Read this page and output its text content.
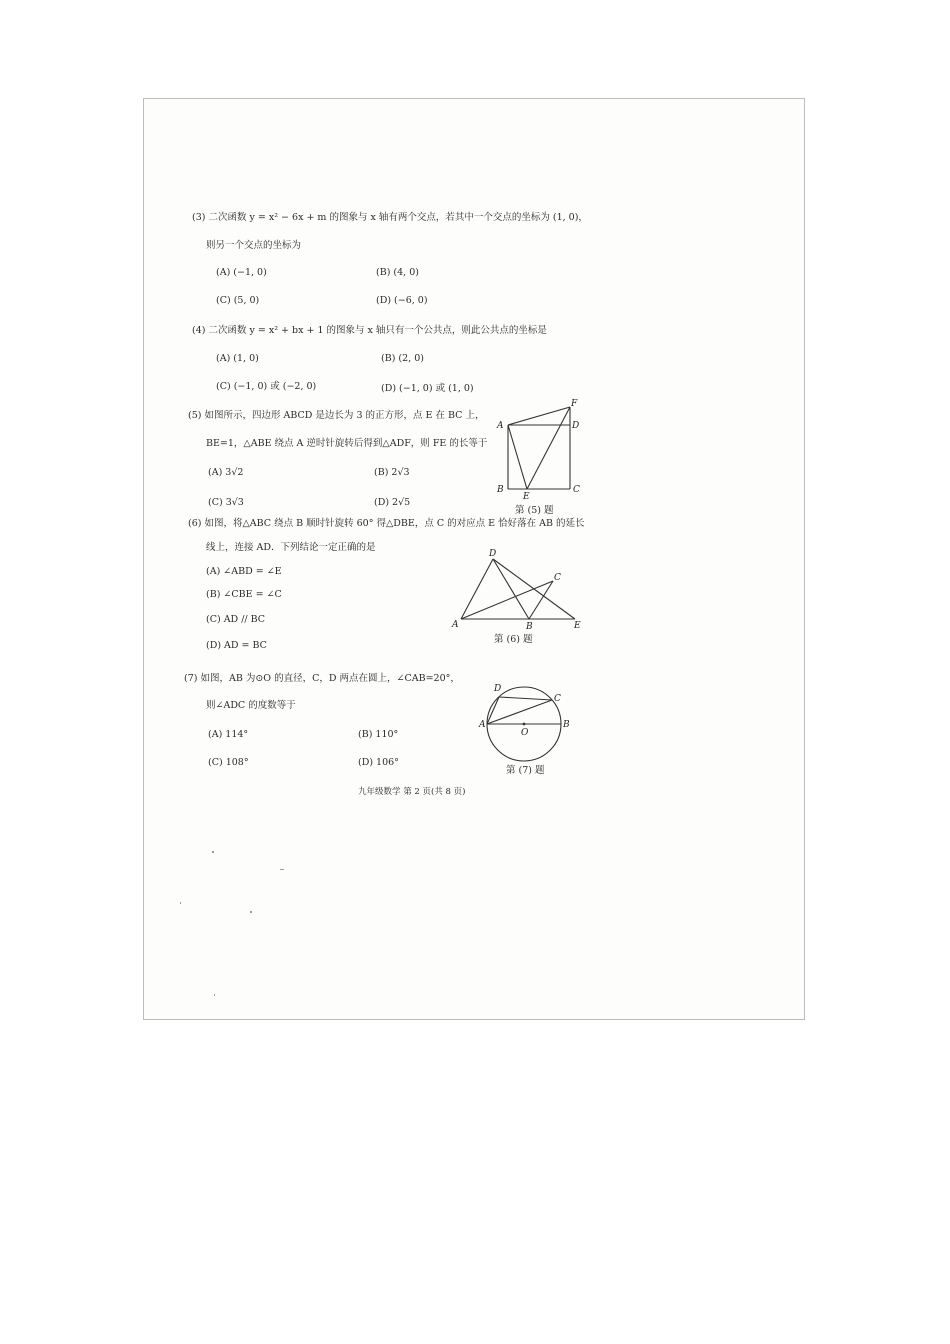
(3) 二次函数 y = x² − 6x + m 的图象与 x 轴有两个交点，若其中一个交点的坐标为 (1, 0)，
则另一个交点的坐标为
(A) (−1, 0)	(B) (4, 0)
(C) (5, 0)	(D) (−6, 0)
(4) 二次函数 y = x² + bx + 1 的图象与 x 轴只有一个公共点，则此公共点的坐标是
(A) (1, 0)	(B) (2, 0)
(C) (−1, 0) 或 (−2, 0)	(D) (−1, 0) 或 (1, 0)
(5) 如图所示，四边形 ABCD 是边长为 3 的正方形，点 E 在 BC 上，
BE=1，△ABE 绕点 A 逆时针旋转后得到△ADF，则 FE 的长等于
(A) 3√2	(B) 2√3
(C) 3√3	(D) 2√5
F
A	D
B
E
C
第 (5) 题
(6) 如图，将△ABC 绕点 B 顺时针旋转 60° 得△DBE，点 C 的对应点 E 恰好落在 AB 的延长
线上，连接 AD．下列结论一定正确的是
(A) ∠ABD = ∠E
(B) ∠CBE = ∠C
(C) AD // BC
(D) AD = BC
D
C
A	B	E
第 (6) 题
(7) 如图，AB 为⊙O 的直径，C，D 两点在圆上，∠CAB=20°，
则∠ADC 的度数等于
(A) 114°	(B) 110°
(C) 108°	(D) 106°
D
C
A	B
O
第 (7) 题
九年级数学 第 2 页(共 8 页)
